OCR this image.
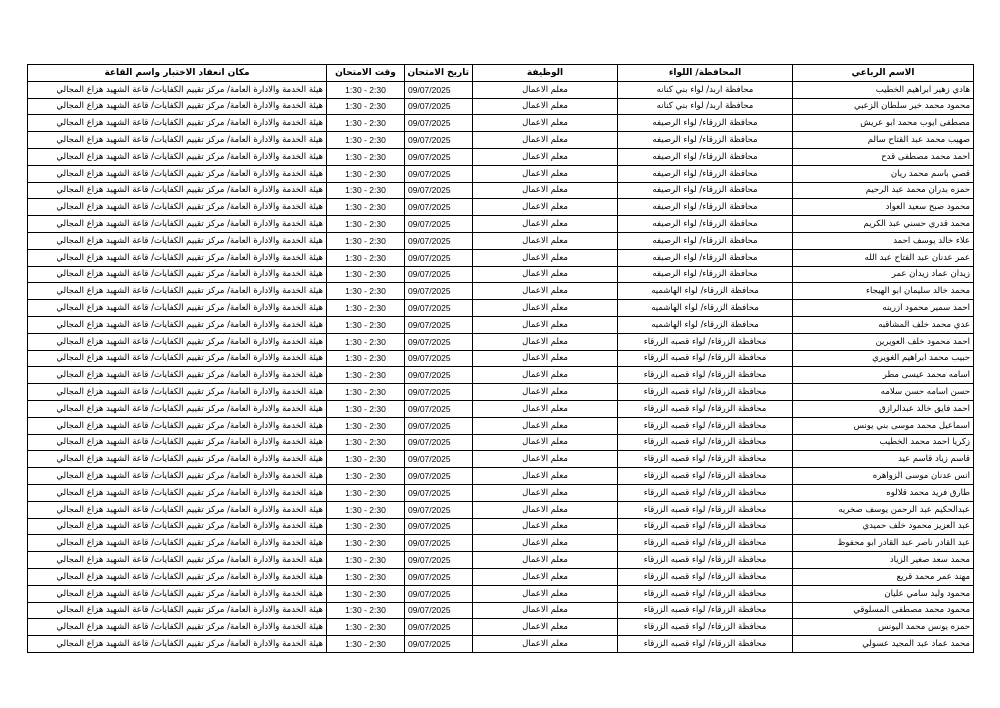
الاسم الرباعي	المحافظة/ اللواء	الوظيفة	تاريخ الامتحان	وقت الامتحان	مكان انعقاد الاختبار واسم القاعة
هادي زهير ابراهيم الخطيب	محافظة اربد/ لواء بني كنانه	معلم الاعمال	09/07/2025	1:30 - 2:30	هيئة الخدمة والادارة العامة/ مركز تقييم الكفايات/ قاعة الشهيد هزاع المجالي
محمود محمد خير سلطان الزعبي	محافظة اربد/ لواء بني كنانه	معلم الاعمال	09/07/2025	1:30 - 2:30	هيئة الخدمة والادارة العامة/ مركز تقييم الكفايات/ قاعة الشهيد هزاع المجالي
مصطفى ايوب محمد ابو عريش	محافظة الزرقاء/ لواء الرصيفه	معلم الاعمال	09/07/2025	1:30 - 2:30	هيئة الخدمة والادارة العامة/ مركز تقييم الكفايات/ قاعة الشهيد هزاع المجالي
صهيب محمد عبد القتاح سالم	محافظة الزرقاء/ لواء الرصيفه	معلم الاعمال	09/07/2025	1:30 - 2:30	هيئة الخدمة والادارة العامة/ مركز تقييم الكفايات/ قاعة الشهيد هزاع المجالي
احمد محمد مصطفى قدح	محافظة الزرقاء/ لواء الرصيفه	معلم الاعمال	09/07/2025	1:30 - 2:30	هيئة الخدمة والادارة العامة/ مركز تقييم الكفايات/ قاعة الشهيد هزاع المجالي
قصي باسم محمد ريان	محافظة الزرقاء/ لواء الرصيفه	معلم الاعمال	09/07/2025	1:30 - 2:30	هيئة الخدمة والادارة العامة/ مركز تقييم الكفايات/ قاعة الشهيد هزاع المجالي
حمزه بدران محمد عبد الرحيم	محافظة الزرقاء/ لواء الرصيفه	معلم الاعمال	09/07/2025	1:30 - 2:30	هيئة الخدمة والادارة العامة/ مركز تقييم الكفايات/ قاعة الشهيد هزاع المجالي
محمود صبح سعيد العواد	محافظة الزرقاء/ لواء الرصيفه	معلم الاعمال	09/07/2025	1:30 - 2:30	هيئة الخدمة والادارة العامة/ مركز تقييم الكفايات/ قاعة الشهيد هزاع المجالي
محمد قدري حسني عبد الكريم	محافظة الزرقاء/ لواء الرصيفه	معلم الاعمال	09/07/2025	1:30 - 2:30	هيئة الخدمة والادارة العامة/ مركز تقييم الكفايات/ قاعة الشهيد هزاع المجالي
علاء خالد يوسف احمد	محافظة الزرقاء/ لواء الرصيفه	معلم الاعمال	09/07/2025	1:30 - 2:30	هيئة الخدمة والادارة العامة/ مركز تقييم الكفايات/ قاعة الشهيد هزاع المجالي
عمر عدنان عبد الفتاح عبد الله	محافظة الزرقاء/ لواء الرصيفه	معلم الاعمال	09/07/2025	1:30 - 2:30	هيئة الخدمة والادارة العامة/ مركز تقييم الكفايات/ قاعة الشهيد هزاع المجالي
زيدان عماد زيدان عمر	محافظة الزرقاء/ لواء الرصيفه	معلم الاعمال	09/07/2025	1:30 - 2:30	هيئة الخدمة والادارة العامة/ مركز تقييم الكفايات/ قاعة الشهيد هزاع المجالي
محمد خالد سليمان ابو الهيجاء	محافظة الزرقاء/ لواء الهاشميه	معلم الاعمال	09/07/2025	1:30 - 2:30	هيئة الخدمة والادارة العامة/ مركز تقييم الكفايات/ قاعة الشهيد هزاع المجالي
احمد سمير محمود ازرينه	محافظة الزرقاء/ لواء الهاشميه	معلم الاعمال	09/07/2025	1:30 - 2:30	هيئة الخدمة والادارة العامة/ مركز تقييم الكفايات/ قاعة الشهيد هزاع المجالي
عدي محمد خلف المشاقبه	محافظة الزرقاء/ لواء الهاشميه	معلم الاعمال	09/07/2025	1:30 - 2:30	هيئة الخدمة والادارة العامة/ مركز تقييم الكفايات/ قاعة الشهيد هزاع المجالي
احمد محمود خلف العويرين	محافظة الزرقاء/ لواء قصبه الزرقاء	معلم الاعمال	09/07/2025	1:30 - 2:30	هيئة الخدمة والادارة العامة/ مركز تقييم الكفايات/ قاعة الشهيد هزاع المجالي
حبيب محمد ابراهيم الغويري	محافظة الزرقاء/ لواء قصبه الزرقاء	معلم الاعمال	09/07/2025	1:30 - 2:30	هيئة الخدمة والادارة العامة/ مركز تقييم الكفايات/ قاعة الشهيد هزاع المجالي
اسامه محمد عيسى مطر	محافظة الزرقاء/ لواء قصبه الزرقاء	معلم الاعمال	09/07/2025	1:30 - 2:30	هيئة الخدمة والادارة العامة/ مركز تقييم الكفايات/ قاعة الشهيد هزاع المجالي
حسن اسامه حسن سلامه	محافظة الزرقاء/ لواء قصبه الزرقاء	معلم الاعمال	09/07/2025	1:30 - 2:30	هيئة الخدمة والادارة العامة/ مركز تقييم الكفايات/ قاعة الشهيد هزاع المجالي
احمد فايق خالد عبدالرازق	محافظة الزرقاء/ لواء قصبه الزرقاء	معلم الاعمال	09/07/2025	1:30 - 2:30	هيئة الخدمة والادارة العامة/ مركز تقييم الكفايات/ قاعة الشهيد هزاع المجالي
اسماعيل محمد موسى بني يونس	محافظة الزرقاء/ لواء قصبه الزرقاء	معلم الاعمال	09/07/2025	1:30 - 2:30	هيئة الخدمة والادارة العامة/ مركز تقييم الكفايات/ قاعة الشهيد هزاع المجالي
زكريا احمد محمد الخطيب	محافظة الزرقاء/ لواء قصبه الزرقاء	معلم الاعمال	09/07/2025	1:30 - 2:30	هيئة الخدمة والادارة العامة/ مركز تقييم الكفايات/ قاعة الشهيد هزاع المجالي
قاسم زياد قاسم عيد	محافظة الزرقاء/ لواء قصبه الزرقاء	معلم الاعمال	09/07/2025	1:30 - 2:30	هيئة الخدمة والادارة العامة/ مركز تقييم الكفايات/ قاعة الشهيد هزاع المجالي
انس عدنان موسى الزواهره	محافظة الزرقاء/ لواء قصبه الزرقاء	معلم الاعمال	09/07/2025	1:30 - 2:30	هيئة الخدمة والادارة العامة/ مركز تقييم الكفايات/ قاعة الشهيد هزاع المجالي
طارق فريد محمد قلالوه	محافظة الزرقاء/ لواء قصبه الزرقاء	معلم الاعمال	09/07/2025	1:30 - 2:30	هيئة الخدمة والادارة العامة/ مركز تقييم الكفايات/ قاعة الشهيد هزاع المجالي
عبدالحكيم عبد الرحمن يوسف صخريه	محافظة الزرقاء/ لواء قصبه الزرقاء	معلم الاعمال	09/07/2025	1:30 - 2:30	هيئة الخدمة والادارة العامة/ مركز تقييم الكفايات/ قاعة الشهيد هزاع المجالي
عبد العزيز محمود خلف حميدي	محافظة الزرقاء/ لواء قصبه الزرقاء	معلم الاعمال	09/07/2025	1:30 - 2:30	هيئة الخدمة والادارة العامة/ مركز تقييم الكفايات/ قاعة الشهيد هزاع المجالي
عبد القادر ناصر عبد القادر ابو محفوظ	محافظة الزرقاء/ لواء قصبه الزرقاء	معلم الاعمال	09/07/2025	1:30 - 2:30	هيئة الخدمة والادارة العامة/ مركز تقييم الكفايات/ قاعة الشهيد هزاع المجالي
محمد سعد صغير الزياد	محافظة الزرقاء/ لواء قصبه الزرقاء	معلم الاعمال	09/07/2025	1:30 - 2:30	هيئة الخدمة والادارة العامة/ مركز تقييم الكفايات/ قاعة الشهيد هزاع المجالي
مهند عمر محمد قريع	محافظة الزرقاء/ لواء قصبه الزرقاء	معلم الاعمال	09/07/2025	1:30 - 2:30	هيئة الخدمة والادارة العامة/ مركز تقييم الكفايات/ قاعة الشهيد هزاع المجالي
محمود وليد سامي عليان	محافظة الزرقاء/ لواء قصبه الزرقاء	معلم الاعمال	09/07/2025	1:30 - 2:30	هيئة الخدمة والادارة العامة/ مركز تقييم الكفايات/ قاعة الشهيد هزاع المجالي
محمود محمد مصطفى المسلوقي	محافظة الزرقاء/ لواء قصبه الزرقاء	معلم الاعمال	09/07/2025	1:30 - 2:30	هيئة الخدمة والادارة العامة/ مركز تقييم الكفايات/ قاعة الشهيد هزاع المجالي
حمزه يونس محمد اليونس	محافظة الزرقاء/ لواء قصبه الزرقاء	معلم الاعمال	09/07/2025	1:30 - 2:30	هيئة الخدمة والادارة العامة/ مركز تقييم الكفايات/ قاعة الشهيد هزاع المجالي
محمد عماد عبد المجيد عسولي	محافظة الزرقاء/ لواء قصبه الزرقاء	معلم الاعمال	09/07/2025	1:30 - 2:30	هيئة الخدمة والادارة العامة/ مركز تقييم الكفايات/ قاعة الشهيد هزاع المجالي
